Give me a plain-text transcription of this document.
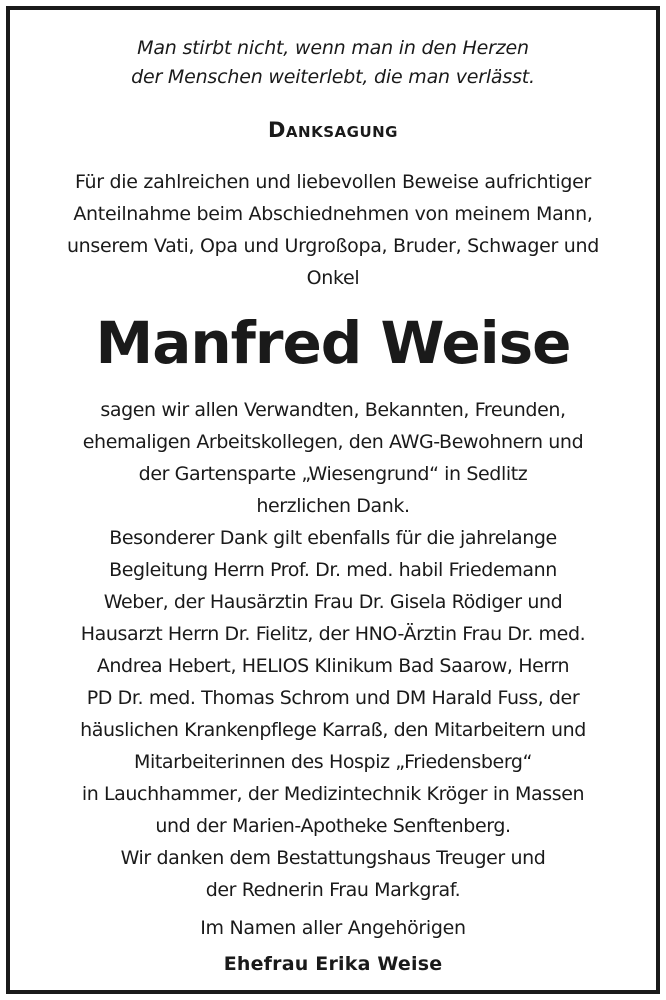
Man stirbt nicht, wenn man in den Herzen
der Menschen weiterlebt, die man verlässt.
Danksagung
Für die zahlreichen und liebevollen Beweise aufrichtiger
Anteilnahme beim Abschiednehmen von meinem Mann,
unserem Vati, Opa und Urgroßopa, Bruder, Schwager und
Onkel
Manfred Weise
sagen wir allen Verwandten, Bekannten, Freunden,
ehemaligen Arbeitskollegen, den AWG-Bewohnern und
der Gartensparte „Wiesengrund“ in Sedlitz
herzlichen Dank.
Besonderer Dank gilt ebenfalls für die jahrelange
Begleitung Herrn Prof. Dr. med. habil Friedemann
Weber, der Hausärztin Frau Dr. Gisela Rödiger und
Hausarzt Herrn Dr. Fielitz, der HNO-Ärztin Frau Dr. med.
Andrea Hebert, HELIOS Klinikum Bad Saarow, Herrn
PD Dr. med. Thomas Schrom und DM Harald Fuss, der
häuslichen Krankenpflege Karraß, den Mitarbeitern und
Mitarbeiterinnen des Hospiz „Friedensberg“
in Lauchhammer, der Medizintechnik Kröger in Massen
und der Marien-Apotheke Senftenberg.
Wir danken dem Bestattungshaus Treuger und
der Rednerin Frau Markgraf.
Im Namen aller Angehörigen
Ehefrau Erika Weise
